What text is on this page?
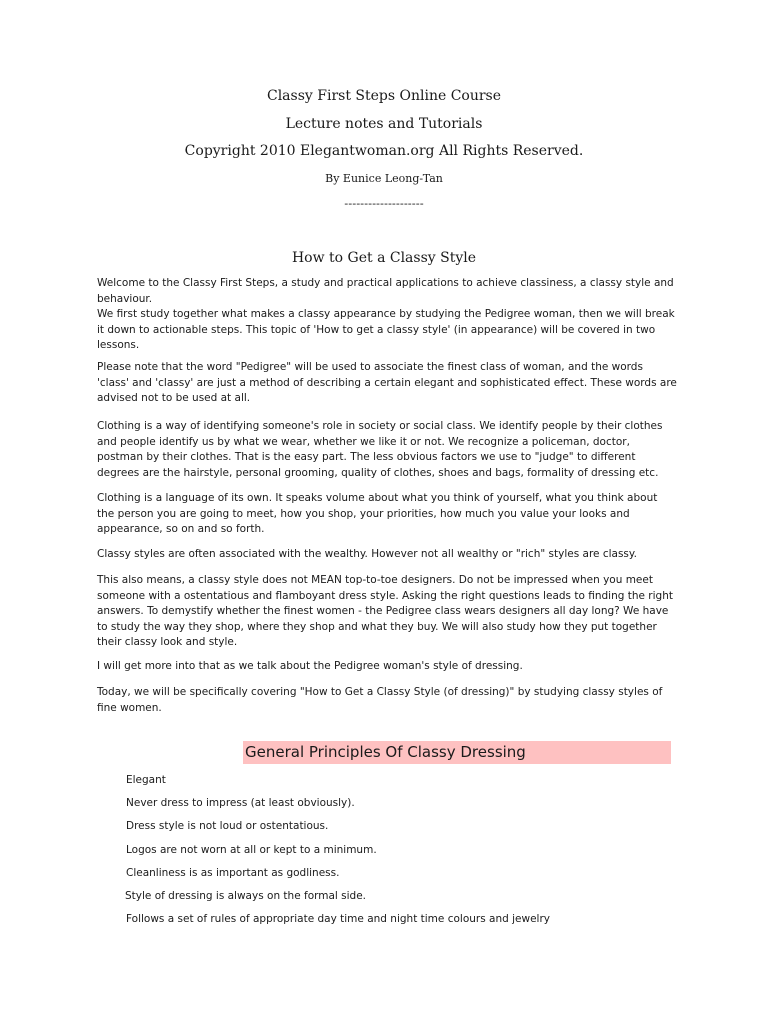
Classy First Steps Online Course
Lecture notes and Tutorials
Copyright 2010 Elegantwoman.org All Rights Reserved.
By Eunice Leong-Tan
--------------------
How to Get a Classy Style

Welcome to the Classy First Steps, a study and practical applications to achieve classiness, a classy style and behaviour.
We first study together what makes a classy appearance by studying the Pedigree woman, then we will break it down to actionable steps. This topic of 'How to get a classy style' (in appearance) will be covered in two lessons.

Please note that the word "Pedigree" will be used to associate the finest class of woman, and the words 'class' and 'classy' are just a method of describing a certain elegant and sophisticated effect. These words are advised not to be used at all.

Clothing is a way of identifying someone's role in society or social class. We identify people by their clothes and people identify us by what we wear, whether we like it or not. We recognize a policeman, doctor, postman by their clothes. That is the easy part. The less obvious factors we use to "judge" to different degrees are the hairstyle, personal grooming, quality of clothes, shoes and bags, formality of dressing etc.

Clothing is a language of its own. It speaks volume about what you think of yourself, what you think about the person you are going to meet, how you shop, your priorities, how much you value your looks and appearance, so on and so forth.

Classy styles are often associated with the wealthy. However not all wealthy or "rich" styles are classy.

This also means, a classy style does not MEAN top-to-toe designers. Do not be impressed when you meet someone with a ostentatious and flamboyant dress style. Asking the right questions leads to finding the right answers. To demystify whether the finest women - the Pedigree class wears designers all day long? We have to study the way they shop, where they shop and what they buy. We will also study how they put together their classy look and style.

I will get more into that as we talk about the Pedigree woman's style of dressing.

Today, we will be specifically covering "How to Get a Classy Style (of dressing)" by studying classy styles of fine women.

General Principles Of Classy Dressing
Elegant
Never dress to impress (at least obviously).
Dress style is not loud or ostentatious.
Logos are not worn at all or kept to a minimum.
Cleanliness is as important as godliness.
Style of dressing is always on the formal side.
Follows a set of rules of appropriate day time and night time colours and jewelry
